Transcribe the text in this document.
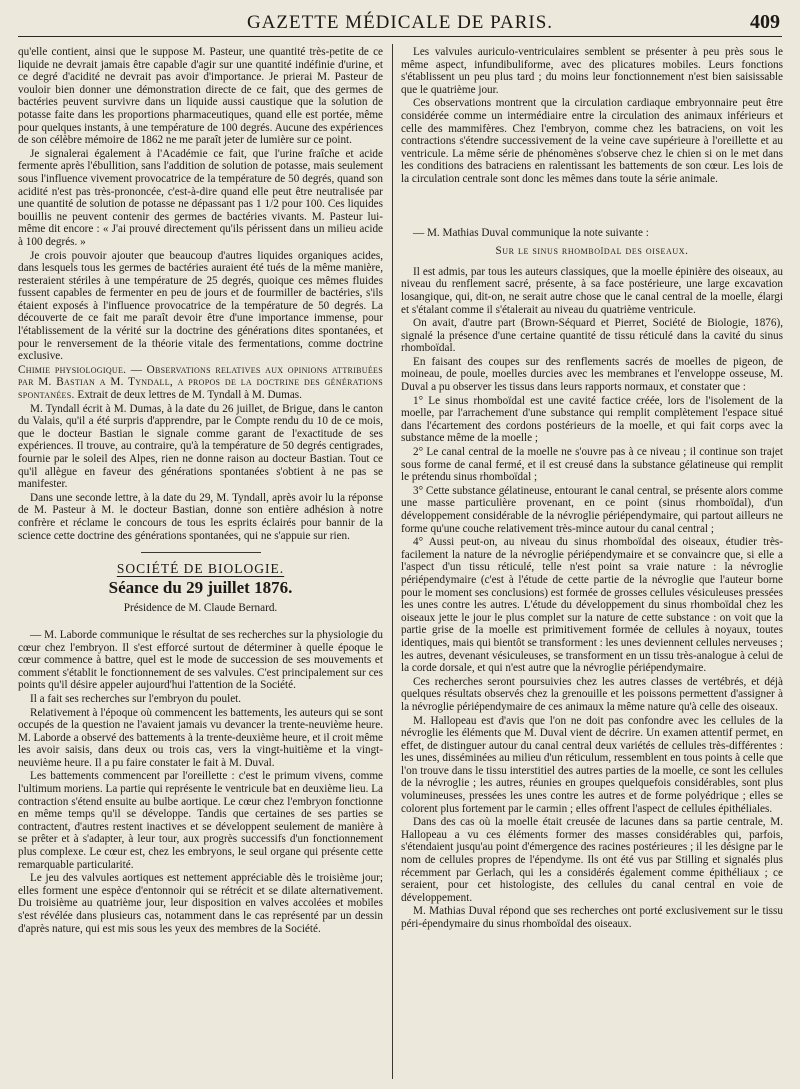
GAZETTE MÉDICALE DE PARIS.	409

qu'elle contient, ainsi que le suppose M. Pasteur, une quantité très-petite de ce liquide ne devrait jamais être capable d'agir sur une quantité indéfinie d'urine, et ce degré d'acidité ne devrait pas avoir d'importance. Je prierai M. Pasteur de vouloir bien donner une démonstration directe de ce fait, que des germes de bactéries peuvent survivre dans un liquide aussi caustique que la solution de potasse faite dans les proportions pharmaceutiques, quand elle est portée, même pour quelques instants, à une température de 100 degrés. Aucune des expériences de son célèbre mémoire de 1862 ne me paraît jeter de lumière sur ce point.

Je signalerai également à l'Académie ce fait, que l'urine fraîche et acide fermente après l'ébullition, sans l'addition de solution de potasse, mais seulement sous l'influence vivement provocatrice de la température de 50 degrés, quand son acidité n'est pas très-prononcée, c'est-à-dire quand elle peut être neutralisée par une quantité de solution de potasse ne dépassant pas 1 1/2 pour 100. Ces liquides bouillis ne peuvent contenir des germes de bactéries vivants. M. Pasteur lui-même dit encore : « J'ai prouvé directement qu'ils périssent dans un milieu acide à 100 degrés. »

Je crois pouvoir ajouter que beaucoup d'autres liquides organiques acides, dans lesquels tous les germes de bactéries auraient été tués de la même manière, resteraient stériles à une température de 25 degrés, quoique ces mêmes fluides fussent capables de fermenter en peu de jours et de fourmiller de bactéries, s'ils étaient exposés à l'influence provocatrice de la température de 50 degrés. La découverte de ce fait me paraît devoir être d'une importance immense, pour l'établissement de la vérité sur la doctrine des générations dites spontanées, et pour le renversement de la théorie vitale des fermentations, comme doctrine exclusive.

Chimie physiologique. — Observations relatives aux opinions attribuées par M. Bastian a M. Tyndall, a propos de la doctrine des générations spontanées. Extrait de deux lettres de M. Tyndall à M. Dumas.

M. Tyndall écrit à M. Dumas, à la date du 26 juillet, de Brigue, dans le canton du Valais, qu'il a été surpris d'apprendre, par le Compte rendu du 10 de ce mois, que le docteur Bastian le signale comme garant de l'exactitude de ses expériences. Il trouve, au contraire, qu'à la température de 50 degrés centigrades, fournie par le soleil des Alpes, rien ne donne raison au docteur Bastian. Tout ce qu'il allègue en faveur des générations spontanées s'obtient à ne pas se manifester.

Dans une seconde lettre, à la date du 29, M. Tyndall, après avoir lu la réponse de M. Pasteur à M. le docteur Bastian, donne son entière adhésion à notre confrère et réclame le concours de tous les esprits éclairés pour bannir de la science cette doctrine des générations spontanées, qui ne s'appuie sur rien.

SOCIÉTÉ DE BIOLOGIE.
Séance du 29 juillet 1876.
Présidence de M. Claude Bernard.

— M. Laborde communique le résultat de ses recherches sur la physiologie du cœur chez l'embryon. Il s'est efforcé surtout de déterminer à quelle époque le cœur commence à battre, quel est le mode de succession de ses mouvements et comment s'établit le fonctionnement de ses valvules. C'est principalement sur ces points qu'il désire appeler aujourd'hui l'attention de la Société.

Il a fait ses recherches sur l'embryon du poulet.

Relativement à l'époque où commencent les battements, les auteurs qui se sont occupés de la question ne l'avaient jamais vu devancer la trente-neuvième heure. M. Laborde a observé des battements à la trente-deuxième heure, et il croit même les avoir saisis, dans deux ou trois cas, vers la vingt-huitième et la vingt-neuvième heure. Il a pu faire constater le fait à M. Duval.

Les battements commencent par l'oreillette : c'est le primum vivens, comme l'ultimum moriens. La partie qui représente le ventricule bat en deuxième lieu. La contraction s'étend ensuite au bulbe aortique. Le cœur chez l'embryon fonctionne en même temps qu'il se développe. Tandis que certaines de ses parties se contractent, d'autres restent inactives et se développent seulement de manière à se prêter et à s'adapter, à leur tour, aux progrès successifs d'un fonctionnement plus complexe. Le cœur est, chez les embryons, le seul organe qui présente cette remarquable particularité.

Le jeu des valvules aortiques est nettement appréciable dès le troisième jour; elles forment une espèce d'entonnoir qui se rétrécit et se dilate alternativement. Du troisième au quatrième jour, leur disposition en valves accolées et mobiles s'est révélée dans plusieurs cas, notamment dans le cas représenté par un dessin d'après nature, qui est mis sous les yeux des membres de la Société.

Les valvules auriculo-ventriculaires semblent se présenter à peu près sous le même aspect, infundibuliforme, avec des plicatures mobiles. Leurs fonctions s'établissent un peu plus tard ; du moins leur fonctionnement n'est bien saisissable que le quatrième jour.

Ces observations montrent que la circulation cardiaque embryonnaire peut être considérée comme un intermédiaire entre la circulation des animaux inférieurs et celle des mammifères. Chez l'embryon, comme chez les batraciens, on voit les contractions s'étendre successivement de la veine cave supérieure à l'oreillette et au ventricule. La même série de phénomènes s'observe chez le chien si on le met dans les conditions des batraciens en ralentissant les battements de son cœur. Les lois de la circulation centrale sont donc les mêmes dans toute la série animale.

— M. Mathias Duval communique la note suivante :

Sur le sinus rhomboïdal des oiseaux.

Il est admis, par tous les auteurs classiques, que la moelle épinière des oiseaux, au niveau du renflement sacré, présente, à sa face postérieure, une large excavation losangique, qui, dit-on, ne serait autre chose que le canal central de la moelle, élargi et s'étalant comme il s'étalerait au niveau du quatrième ventricule.

On avait, d'autre part (Brown-Séquard et Pierret, Société de Biologie, 1876), signalé la présence d'une certaine quantité de tissu réticulé dans la cavité du sinus rhomboïdal.

En faisant des coupes sur des renflements sacrés de moelles de pigeon, de moineau, de poule, moelles durcies avec les membranes et l'enveloppe osseuse, M. Duval a pu observer les tissus dans leurs rapports normaux, et constater que :

1° Le sinus rhomboïdal est une cavité factice créée, lors de l'isolement de la moelle, par l'arrachement d'une substance qui remplit complètement l'espace situé dans l'écartement des cordons postérieurs de la moelle, et qui fait corps avec la substance même de la moelle ;

2° Le canal central de la moelle ne s'ouvre pas à ce niveau ; il continue son trajet sous forme de canal fermé, et il est creusé dans la substance gélatineuse qui remplit le prétendu sinus rhomboïdal ;

3° Cette substance gélatineuse, entourant le canal central, se présente alors comme une masse particulière provenant, en ce point (sinus rhomboïdal), d'un développement considérable de la névroglie périépendymaire, qui partout ailleurs ne forme qu'une couche relativement très-mince autour du canal central ;

4° Aussi peut-on, au niveau du sinus rhomboïdal des oiseaux, étudier très-facilement la nature de la névroglie périépendymaire et se convaincre que, si elle a l'aspect d'un tissu réticulé, telle n'est point sa vraie nature : la névroglie périépendymaire (c'est à l'étude de cette partie de la névroglie que l'auteur borne pour le moment ses conclusions) est formée de grosses cellules vésiculeuses pressées les unes contre les autres. L'étude du développement du sinus rhomboïdal chez les oiseaux jette le jour le plus complet sur la nature de cette substance : on voit que la partie grise de la moelle est primitivement formée de cellules à noyaux, toutes identiques, mais qui bientôt se transforment : les unes deviennent cellules nerveuses ; les autres, devenant vésiculeuses, se transforment en un tissu très-analogue à celui de la corde dorsale, et qui n'est autre que la névroglie périépendymaire.

Ces recherches seront poursuivies chez les autres classes de vertébrés, et déjà quelques résultats observés chez la grenouille et les poissons permettent d'assigner à la névroglie périépendymaire de ces animaux la même nature qu'à celle des oiseaux.

M. Hallopeau est d'avis que l'on ne doit pas confondre avec les cellules de la névroglie les éléments que M. Duval vient de décrire. Un examen attentif permet, en effet, de distinguer autour du canal central deux variétés de cellules très-différentes : les unes, disséminées au milieu d'un réticulum, ressemblent en tous points à celle que l'on trouve dans le tissu interstitiel des autres parties de la moelle, ce sont les cellules de la névroglie ; les autres, réunies en groupes quelquefois considérables, sont plus volumineuses, pressées les unes contre les autres et de forme polyédrique ; elles se colorent plus fortement par le carmin ; elles offrent l'aspect de cellules épithéliales.

Dans des cas où la moelle était creusée de lacunes dans sa partie centrale, M. Hallopeau a vu ces éléments former des masses considérables qui, parfois, s'étendaient jusqu'au point d'émergence des racines postérieures ; il les désigne par le nom de cellules propres de l'épendyme. Ils ont été vus par Stilling et signalés plus récemment par Gerlach, qui les a considérés également comme épithéliaux ; ce seraient, pour cet histologiste, des cellules du canal central en voie de développement.

M. Mathias Duval répond que ses recherches ont porté exclusivement sur le tissu péri-épendymaire du sinus rhomboïdal des oiseaux.
